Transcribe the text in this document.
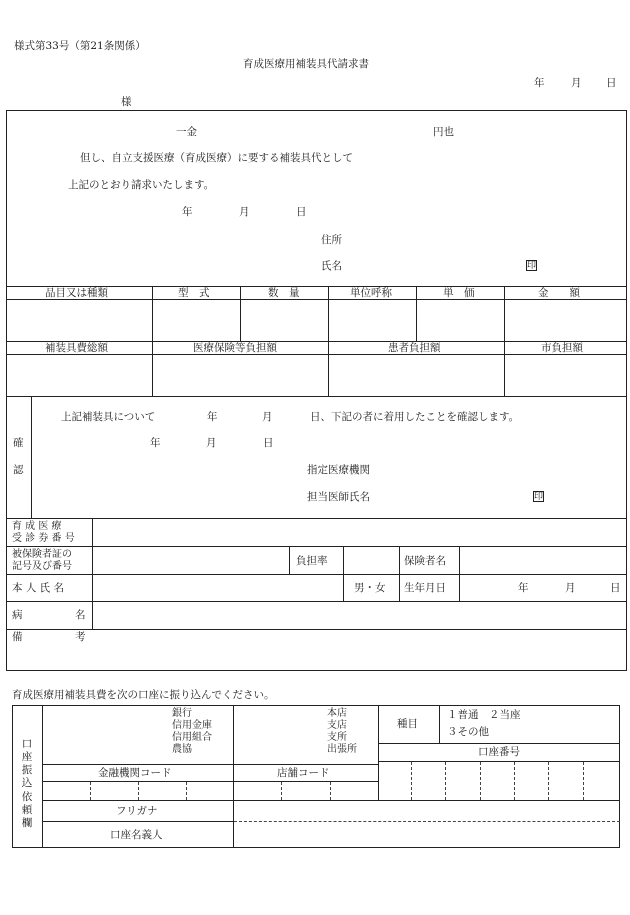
様式第33号（第21条関係）
育成医療用補装具代請求書
年	月 日
様
一金	円也
但し、自立支援医療（育成医療）に要する補装具代として
上記のとおり請求いたします。
年	月	日
住所
氏名	印
品目又は種類	型　式	数　量	単位呼称	単　価	金　　額
補装具費総額	医療保険等負担額	患者負担額	市負担額
確
認
上記補装具について	年	月	日、下記の者に着用したことを確認します。
年	月	日
指定医療機関
担当医師氏名	印
育 成 医 療
受 診 券 番 号
被保険者証の
記号及び番号	負担率	保険者名
本 人 氏 名	男・女 生年月日	年	月	日
病	名
備	考
育成医療用補装具費を次の口座に振り込んでください。
口
座
振
込
依
頼
欄
銀行
信用金庫
信用組合
農協
本店
支店
支所
出張所
種目
１普通　２当座
３その他
口座番号
金融機関コード	店舗コード
フリガナ
口座名義人
